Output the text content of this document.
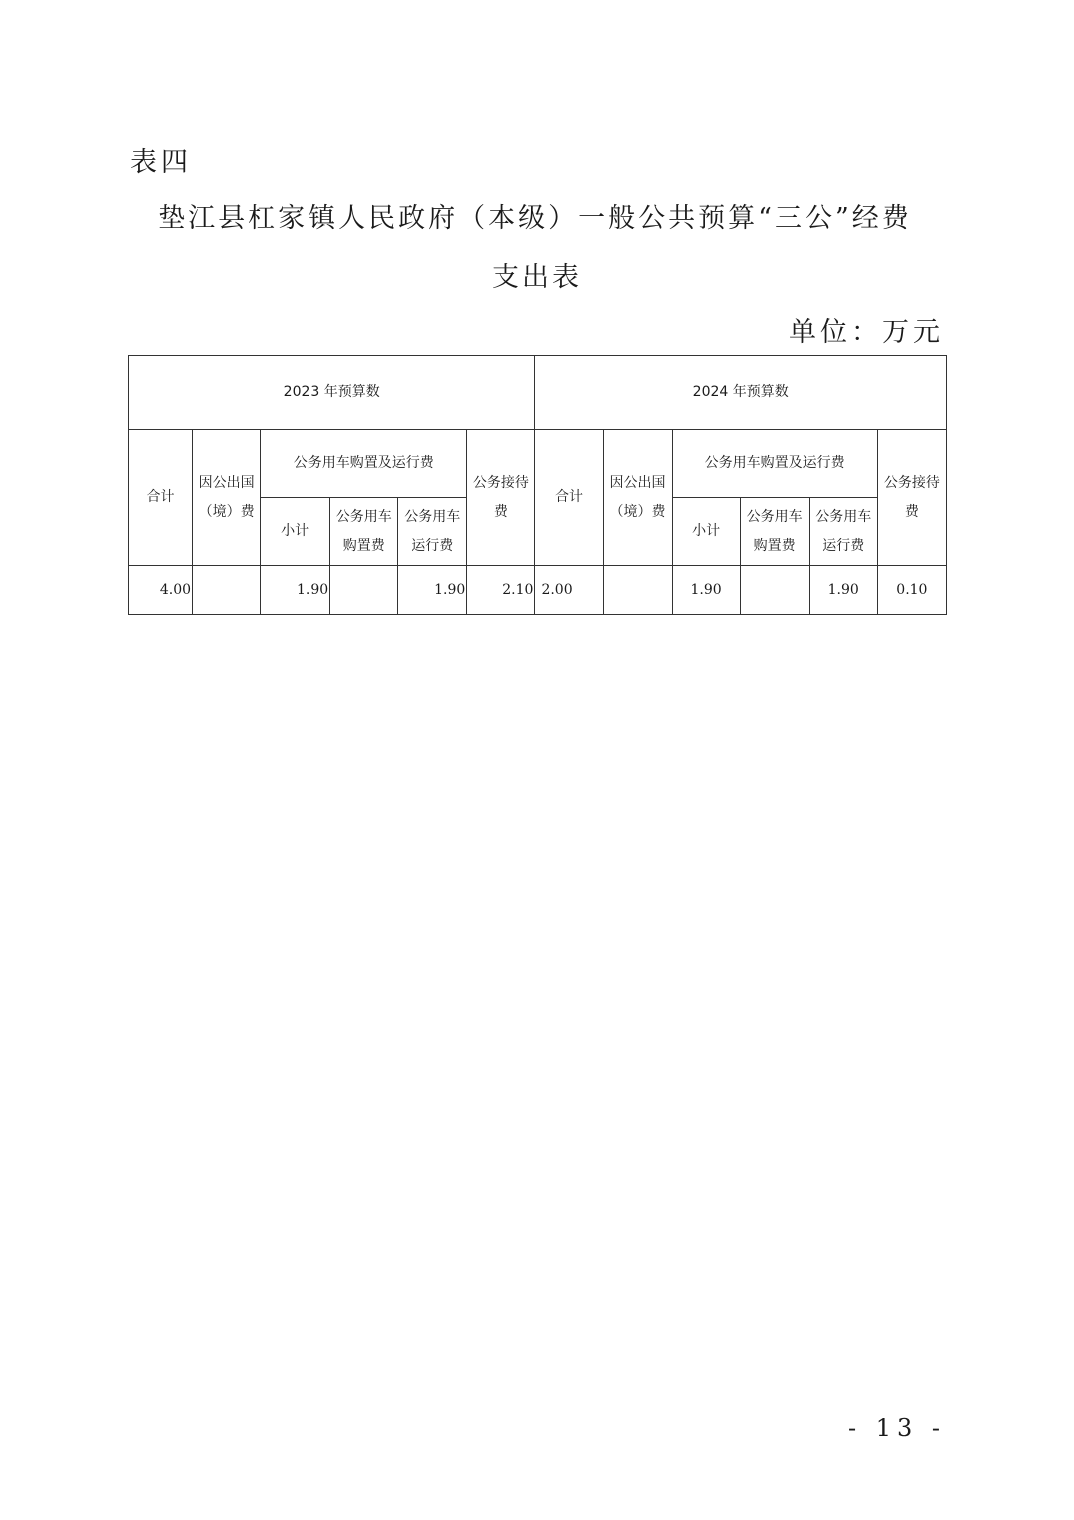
表四
垫江县杠家镇人民政府（本级）一般公共预算“三公”经费
支出表
单位：万元
2023 年预算数						2024 年预算数					
合计	因公出国（境）费	公务用车购置及运行费			公务接待费	合计	因公出国（境）费	公务用车购置及运行费			公务接待费
		小计	公务用车购置费	公务用车运行费				小计	公务用车购置费	公务用车运行费	
4.00		1.90		1.90	2.10	2.00		1.90		1.90	0.10
- 13 -
